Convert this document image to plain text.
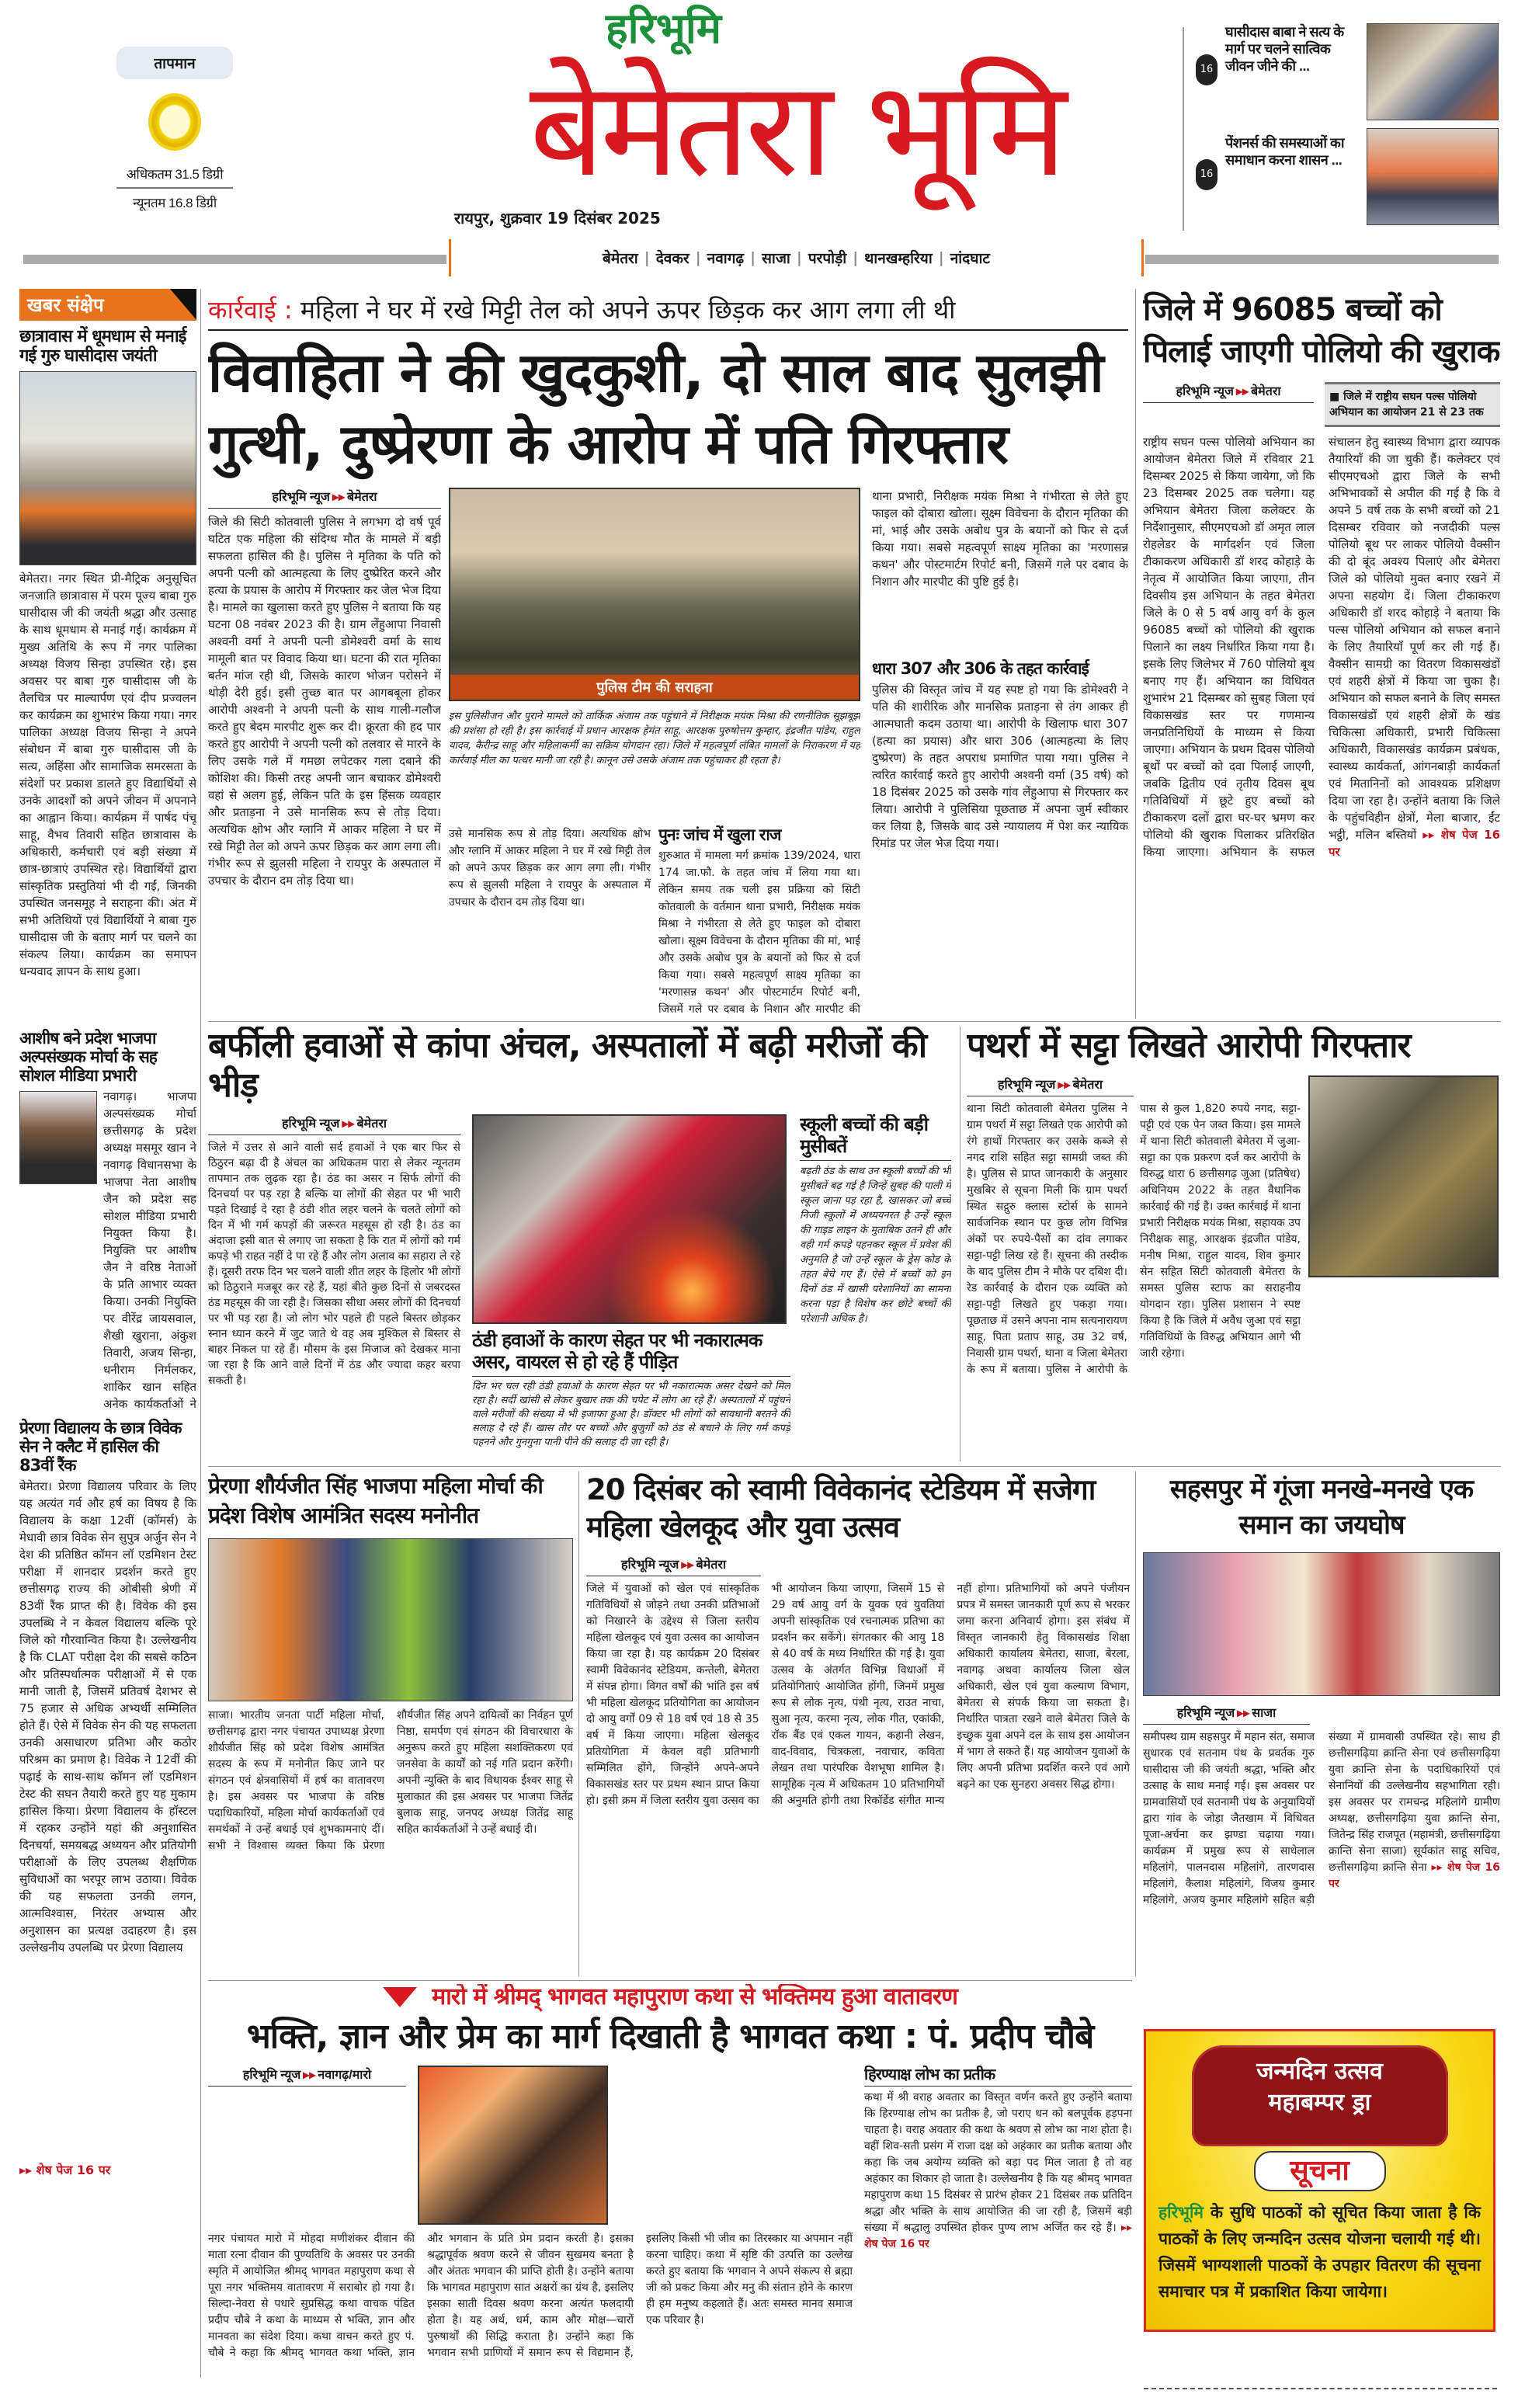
तापमान
अधिकतम 31.5 डिग्री
न्यूनतम 16.8 डिग्री
हरिभूमि
बेमेतरा भूमि
रायपुर, शुक्रवार 19 दिसंबर 2025
बेमेतरा | देवकर | नवागढ़ | साजा | परपोड़ी | थानखम्हरिया | नांदघाट
16
घासीदास बाबा ने सत्य के मार्ग पर चलने सात्विक जीवन जीने की ...
16
पेंशनर्स की समस्याओं का समाधान करना शासन ...
खबर संक्षेप
छात्रावास में धूमधाम से मनाई गई गुरु घासीदास जयंती
बेमेतरा। नगर स्थित प्री-मैट्रिक अनुसूचित जनजाति छात्रावास में परम पूज्य बाबा गुरु घासीदास जी की जयंती श्रद्धा और उत्साह के साथ धूमधाम से मनाई गई। कार्यक्रम में मुख्य अतिथि के रूप में नगर पालिका अध्यक्ष विजय सिन्हा उपस्थित रहे। इस अवसर पर बाबा गुरु घासीदास जी के तैलचित्र पर माल्यार्पण एवं दीप प्रज्वलन कर कार्यक्रम का शुभारंभ किया गया। नगर पालिका अध्यक्ष विजय सिन्हा ने अपने संबोधन में बाबा गुरु घासीदास जी के सत्य, अहिंसा और सामाजिक समरसता के संदेशों पर प्रकाश डालते हुए विद्यार्थियों से उनके आदर्शों को अपने जीवन में अपनाने का आह्वान किया। कार्यक्रम में पार्षद पंचू साहू, वैभव तिवारी सहित छात्रावास के अधिकारी, कर्मचारी एवं बड़ी संख्या में छात्र-छात्राएं उपस्थित रहे। विद्यार्थियों द्वारा सांस्कृतिक प्रस्तुतियां भी दी गईं, जिनकी उपस्थित जनसमूह ने सराहना की। अंत में सभी अतिथियों एवं विद्यार्थियों ने बाबा गुरु घासीदास जी के बताए मार्ग पर चलने का संकल्प लिया। कार्यक्रम का समापन धन्यवाद ज्ञापन के साथ हुआ।
आशीष बने प्रदेश भाजपा अल्पसंख्यक मोर्चा के सह सोशल मीडिया प्रभारी
नवागढ़। भाजपा अल्पसंख्यक मोर्चा छत्तीसगढ़ के प्रदेश अध्यक्ष मसमूर खान ने नवागढ़ विधानसभा के भाजपा नेता आशीष जैन को प्रदेश सह सोशल मीडिया प्रभारी नियुक्त किया है। नियुक्ति पर आशीष जैन ने वरिष्ठ नेताओं के प्रति आभार व्यक्त किया। उनकी नियुक्ति पर वीरेंद्र जायसवाल, शैखी खुराना, अंकुश तिवारी, अजय सिन्हा, धनीराम निर्मलकर, शाकिर खान सहित अनेक कार्यकर्ताओं ने
प्रेरणा विद्यालय के छात्र विवेक सेन ने क्लैट में हासिल की 83वीं रैंक
बेमेतरा। प्रेरणा विद्यालय परिवार के लिए यह अत्यंत गर्व और हर्ष का विषय है कि विद्यालय के कक्षा 12वीं (कॉमर्स) के मेधावी छात्र विवेक सेन सुपुत्र अर्जुन सेन ने देश की प्रतिष्ठित कॉमन लॉ एडमिशन टेस्ट परीक्षा में शानदार प्रदर्शन करते हुए छत्तीसगढ़ राज्य की ओबीसी श्रेणी में 83वीं रैंक प्राप्त की है। विवेक की इस उपलब्धि ने न केवल विद्यालय बल्कि पूरे जिले को गौरवान्वित किया है। उल्लेखनीय है कि CLAT परीक्षा देश की सबसे कठिन और प्रतिस्पर्धात्मक परीक्षाओं में से एक मानी जाती है, जिसमें प्रतिवर्ष देशभर से 75 हजार से अधिक अभ्यर्थी सम्मिलित होते हैं। ऐसे में विवेक सेन की यह सफलता उनकी असाधारण प्रतिभा और कठोर परिश्रम का प्रमाण है। विवेक ने 12वीं की पढ़ाई के साथ-साथ कॉमन लॉ एडमिशन टेस्ट की सघन तैयारी करते हुए यह मुकाम हासिल किया। प्रेरणा विद्यालय के हॉस्टल में रहकर उन्होंने यहां की अनुशासित दिनचर्या, समयबद्ध अध्ययन और प्रतियोगी परीक्षाओं के लिए उपलब्ध शैक्षणिक सुविधाओं का भरपूर लाभ उठाया। विवेक की यह सफलता उनकी लगन, आत्मविश्वास, निरंतर अभ्यास और अनुशासन का प्रत्यक्ष उदाहरण है। इस उल्लेखनीय उपलब्धि पर प्रेरणा विद्यालय
▸▸ शेष पेज 16 पर
कार्रवाई : महिला ने घर में रखे मिट्टी तेल को अपने ऊपर छिड़क कर आग लगा ली थी
विवाहिता ने की खुदकुशी, दो साल बाद सुलझी गुत्थी, दुष्प्रेरणा के आरोप में पति गिरफ्तार
हरिभूमि न्यूज ▸▸ बेमेतरा
जिले की सिटी कोतवाली पुलिस ने लगभग दो वर्ष पूर्व घटित एक महिला की संदिग्ध मौत के मामले में बड़ी सफलता हासिल की है। पुलिस ने मृतिका के पति को अपनी पत्नी को आत्महत्या के लिए दुष्प्रेरित करने और हत्या के प्रयास के आरोप में गिरफ्तार कर जेल भेज दिया है। मामले का खुलासा करते हुए पुलिस ने बताया कि यह घटना 08 नवंबर 2023 की है। ग्राम लेंहुआपा निवासी अश्वनी वर्मा ने अपनी पत्नी डोमेश्वरी वर्मा के साथ मामूली बात पर विवाद किया था। घटना की रात मृतिका बर्तन मांज रही थी, जिसके कारण भोजन परोसने में थोड़ी देरी हुई। इसी तुच्छ बात पर आगबबूला होकर आरोपी अश्वनी ने अपनी पत्नी के साथ गाली-गलौज करते हुए बेदम मारपीट शुरू कर दी। क्रूरता की हद पार करते हुए आरोपी ने अपनी पत्नी को तलवार से मारने के लिए उसके गले में गमछा लपेटकर गला दबाने की कोशिश की। किसी तरह अपनी जान बचाकर डोमेश्वरी वहां से अलग हुई, लेकिन पति के इस हिंसक व्यवहार और प्रताड़ना ने उसे मानसिक रूप से तोड़ दिया। अत्यधिक क्षोभ और ग्लानि में आकर महिला ने घर में रखे मिट्टी तेल को अपने ऊपर छिड़क कर आग लगा ली। गंभीर रूप से झुलसी महिला ने रायपुर के अस्पताल में उपचार के दौरान दम तोड़ दिया था।
पुलिस टीम की सराहना
इस पुलिसीजन और पुराने मामले को तार्किक अंजाम तक पहुंचाने में निरीक्षक मयंक मिश्रा की रणनीतिक सूझबूझ की प्रशंसा हो रही है। इस कार्रवाई में प्रधान आरक्षक हेमंत साहू, आरक्षक पुरुषोत्तम कुम्हार, इंद्रजीत पांडेय, राहुल यादव, कैरीन्द्र साहू और महिलाकर्मी का सक्रिय योगदान रहा। जिले में महत्वपूर्ण लंबित मामलों के निराकरण में यह कार्रवाई मील का पत्थर मानी जा रही है। कानून उसे उसके अंजाम तक पहुंचाकर ही रहता है।
उसे मानसिक रूप से तोड़ दिया। अत्यधिक क्षोभ और ग्लानि में आकर महिला ने घर में रखे मिट्टी तेल को अपने ऊपर छिड़क कर आग लगा ली। गंभीर रूप से झुलसी महिला ने रायपुर के अस्पताल में उपचार के दौरान दम तोड़ दिया था।
पुनः जांच में खुला राज
शुरुआत में मामला मर्ग क्रमांक 139/2024, धारा 174 जा.फौ. के तहत जांच में लिया गया था। लेकिन समय तक चली इस प्रक्रिया को सिटी कोतवाली के वर्तमान थाना प्रभारी, निरीक्षक मयंक मिश्रा ने गंभीरता से लेते हुए फाइल को दोबारा खोला। सूक्ष्म विवेचना के दौरान मृतिका की मां, भाई और उसके अबोध पुत्र के बयानों को फिर से दर्ज किया गया। सबसे महत्वपूर्ण साक्ष्य मृतिका का 'मरणासन्न कथन' और पोस्टमार्टम रिपोर्ट बनी, जिसमें गले पर दबाव के निशान और मारपीट की
थाना प्रभारी, निरीक्षक मयंक मिश्रा ने गंभीरता से लेते हुए फाइल को दोबारा खोला। सूक्ष्म विवेचना के दौरान मृतिका की मां, भाई और उसके अबोध पुत्र के बयानों को फिर से दर्ज किया गया। सबसे महत्वपूर्ण साक्ष्य मृतिका का 'मरणासन्न कथन' और पोस्टमार्टम रिपोर्ट बनी, जिसमें गले पर दबाव के निशान और मारपीट की पुष्टि हुई है।
धारा 307 और 306 के तहत कार्रवाई
पुलिस की विस्तृत जांच में यह स्पष्ट हो गया कि डोमेश्वरी ने पति की शारीरिक और मानसिक प्रताड़ना से तंग आकर ही आत्मघाती कदम उठाया था। आरोपी के खिलाफ धारा 307 (हत्या का प्रयास) और धारा 306 (आत्महत्या के लिए दुष्प्रेरण) के तहत अपराध प्रमाणित पाया गया। पुलिस ने त्वरित कार्रवाई करते हुए आरोपी अश्वनी वर्मा (35 वर्ष) को 18 दिसंबर 2025 को उसके गांव लेंहुआपा से गिरफ्तार कर लिया। आरोपी ने पुलिसिया पूछताछ में अपना जुर्म स्वीकार कर लिया है, जिसके बाद उसे न्यायालय में पेश कर न्यायिक रिमांड पर जेल भेज दिया गया।
जिले में 96085 बच्चों को पिलाई जाएगी पोलियो की खुराक
हरिभूमि न्यूज ▸▸ बेमेतरा	■ जिले में राष्ट्रीय सघन पल्स पोलियो अभियान का आयोजन 21 से 23 तक
राष्ट्रीय सघन पल्स पोलियो अभियान का आयोजन बेमेतरा जिले में रविवार 21 दिसम्बर 2025 से किया जायेगा, जो कि 23 दिसम्बर 2025 तक चलेगा। यह अभियान बेमेतरा जिला कलेक्टर के निर्देशानुसार, सीएमएचओ डॉ अमृत लाल रोहलेडर के मार्गदर्शन एवं जिला टीकाकरण अधिकारी डॉ शरद कोहाड़े के नेतृत्व में आयोजित किया जाएगा, तीन दिवसीय इस अभियान के तहत बेमेतरा जिले के 0 से 5 वर्ष आयु वर्ग के कुल 96085 बच्चों को पोलियो की खुराक पिलाने का लक्ष्य निर्धारित किया गया है। इसके लिए जिलेभर में 760 पोलियो बूथ बनाए गए हैं। अभियान का विधिवत शुभारंभ 21 दिसम्बर को सुबह जिला एवं विकासखंड स्तर पर गणमान्य जनप्रतिनिधियों के माध्यम से किया जाएगा। अभियान के प्रथम दिवस पोलियो बूथों पर बच्चों को दवा पिलाई जाएगी, जबकि द्वितीय एवं तृतीय दिवस बूथ गतिविधियों में छूटे हुए बच्चों को टीकाकरण दलों द्वारा घर-घर भ्रमण कर पोलियो की खुराक पिलाकर प्रतिरक्षित किया जाएगा। अभियान के सफल संचालन हेतु स्वास्थ्य विभाग द्वारा व्यापक तैयारियाँ की जा चुकी हैं। कलेक्टर एवं सीएमएचओ द्वारा जिले के सभी अभिभावकों से अपील की गई है कि वे अपने 5 वर्ष तक के सभी बच्चों को 21 दिसम्बर रविवार को नजदीकी पल्स पोलियो बूथ पर लाकर पोलियो वैक्सीन की दो बूंद अवश्य पिलाएं और बेमेतरा जिले को पोलियो मुक्त बनाए रखने में अपना सहयोग दें। जिला टीकाकरण अधिकारी डॉ शरद कोहाड़े ने बताया कि पल्स पोलियो अभियान को सफल बनाने के लिए तैयारियाँ पूर्ण कर ली गई हैं। वैक्सीन सामग्री का वितरण विकासखंडों एवं शहरी क्षेत्रों में किया जा चुका है। अभियान को सफल बनाने के लिए समस्त विकासखंडों एवं शहरी क्षेत्रों के खंड चिकित्सा अधिकारी, प्रभारी चिकित्सा अधिकारी, विकासखंड कार्यक्रम प्रबंधक, स्वास्थ्य कार्यकर्ता, आंगनबाड़ी कार्यकर्ता एवं मितानिनों को आवश्यक प्रशिक्षण दिया जा रहा है। उन्होंने बताया कि जिले के पहुंचविहीन क्षेत्रों, मेला बाजार, ईंट भट्ठी, मलिन बस्तियों ▸▸ शेष पेज 16 पर
बर्फीली हवाओं से कांपा अंचल, अस्पतालों में बढ़ी मरीजों की भीड़
हरिभूमि न्यूज ▸▸ बेमेतरा
जिले में उत्तर से आने वाली सर्द हवाओं ने एक बार फिर से ठिठुरन बढ़ा दी है अंचल का अधिकतम पारा से लेकर न्यूनतम तापमान तक लुढ़क रहा है। ठंड का असर न सिर्फ लोगों की दिनचर्या पर पड़ रहा है बल्कि या लोगों की सेहत पर भी भारी पड़ते दिखाई दे रहा है ठंडी शीत लहर चलने के चलते लोगों को दिन में भी गर्म कपड़ों की जरूरत महसूस हो रही है। ठंड का अंदाजा इसी बात से लगाए जा सकता है कि रात में लोगों को गर्म कपड़े भी राहत नहीं दे पा रहे हैं और लोग अलाव का सहारा ले रहे हैं। दूसरी तरफ दिन भर चलने वाली शीत लहर के हिलोर भी लोगों को ठिठुराने मजबूर कर रहे हैं, यहां बीते कुछ दिनों से जबरदस्त ठंड महसूस की जा रही है। जिसका सीधा असर लोगों की दिनचर्या पर भी पड़ रहा है। जो लोग भोर पहले ही पहले बिस्तर छोड़कर स्नान ध्यान करने में जुट जाते थे वह अब मुश्किल से बिस्तर से बाहर निकल पा रहे हैं। मौसम के इस मिजाज को देखकर माना जा रहा है कि आने वाले दिनों में ठंड और ज्यादा कहर बरपा सकती है।
ठंडी हवाओं के कारण सेहत पर भी नकारात्मक असर, वायरल से हो रहे हैं पीड़ित
दिन भर चल रही ठंडी हवाओं के कारण सेहत पर भी नकारात्मक असर देखने को मिल रहा है। सर्दी खांसी से लेकर बुखार तक की चपेट में लोग आ रहे हैं। अस्पतालों में पहुंचने वाले मरीजों की संख्या में भी इजाफा हुआ है। डॉक्टर भी लोगों को सावधानी बरतने की सलाह दे रहे हैं। खास तौर पर बच्चों और बुजुर्गों को ठंड से बचाने के लिए गर्म कपड़े पहनने और गुनगुना पानी पीने की सलाह दी जा रही है।
स्कूली बच्चों की बड़ी मुसीबतें
बढ़ती ठंड के साथ उन स्कूली बच्चों की भी मुसीबतें बढ़ गई है जिन्हें सुबह की पाली में स्कूल जाना पड़ रहा है, खासकर जो बच्चे निजी स्कूलों में अध्ययनरत है उन्हें स्कूल की गाइड लाइन के मुताबिक उतने ही और वही गर्म कपड़े पहनकर स्कूल में प्रवेश की अनुमति है जो उन्हें स्कूल के ड्रेस कोड के तहत बेचे गए हैं। ऐसे में बच्चों को इन दिनों ठंड में खासी परेशानियों का सामना करना पड़ा है विशेष कर छोटे बच्चों की परेशानी अधिक है।
पथर्रा में सट्टा लिखते आरोपी गिरफ्तार
हरिभूमि न्यूज ▸▸ बेमेतरा
थाना सिटी कोतवाली बेमेतरा पुलिस ने ग्राम पथर्रा में सट्टा लिखते एक आरोपी को रंगे हाथों गिरफ्तार कर उसके कब्जे से नगद राशि सहित सट्टा सामग्री जब्त की है। पुलिस से प्राप्त जानकारी के अनुसार मुखबिर से सूचना मिली कि ग्राम पथर्रा स्थित सद्गुरु क्लास स्टोर्स के सामने सार्वजनिक स्थान पर कुछ लोग विभिन्न अंकों पर रुपये-पैसों का दांव लगाकर सट्टा-पट्टी लिख रहे हैं। सूचना की तस्दीक के बाद पुलिस टीम ने मौके पर दबिश दी। रेड कार्रवाई के दौरान एक व्यक्ति को सट्टा-पट्टी लिखते हुए पकड़ा गया। पूछताछ में उसने अपना नाम सत्यनारायण साहू, पिता प्रताप साहू, उम्र 32 वर्ष, निवासी ग्राम पथर्रा, थाना व जिला बेमेतरा के रूप में बताया। पुलिस ने आरोपी के पास से कुल 1,820 रुपये नगद, सट्टा-पट्टी एवं एक पेन जब्त किया। इस मामले में थाना सिटी कोतवाली बेमेतरा में जुआ-सट्टा का एक प्रकरण दर्ज कर आरोपी के विरुद्ध धारा 6 छत्तीसगढ़ जुआ (प्रतिषेध) अधिनियम 2022 के तहत वैधानिक कार्रवाई की गई है। उक्त कार्रवाई में थाना प्रभारी निरीक्षक मयंक मिश्रा, सहायक उप निरीक्षक साहू, आरक्षक इंद्रजीत पांडेय, मनीष मिश्रा, राहुल यादव, शिव कुमार सेन सहित सिटी कोतवाली बेमेतरा के समस्त पुलिस स्टाफ का सराहनीय योगदान रहा। पुलिस प्रशासन ने स्पष्ट किया है कि जिले में अवैध जुआ एवं सट्टा गतिविधियों के विरुद्ध अभियान आगे भी जारी रहेगा।
प्रेरणा शौर्यजीत सिंह भाजपा महिला मोर्चा की प्रदेश विशेष आमंत्रित सदस्य मनोनीत
साजा। भारतीय जनता पार्टी महिला मोर्चा, छत्तीसगढ़ द्वारा नगर पंचायत उपाध्यक्ष प्रेरणा शौर्यजीत सिंह को प्रदेश विशेष आमंत्रित सदस्य के रूप में मनोनीत किए जाने पर संगठन एवं क्षेत्रवासियों में हर्ष का वातावरण है। इस अवसर पर भाजपा के वरिष्ठ पदाधिकारियों, महिला मोर्चा कार्यकर्ताओं एवं समर्थकों ने उन्हें बधाई एवं शुभकामनाएं दीं। सभी ने विश्वास व्यक्त किया कि प्रेरणा शौर्यजीत सिंह अपने दायित्वों का निर्वहन पूर्ण निष्ठा, समर्पण एवं संगठन की विचारधारा के अनुरूप करते हुए महिला सशक्तिकरण एवं जनसेवा के कार्यों को नई गति प्रदान करेंगी। अपनी न्युक्ति के बाद विधायक ईश्वर साहू से मुलाकात की इस अवसर पर भाजपा जितेंद्र बुलाक साहू, जनपद अध्यक्ष जितेंद्र साहू सहित कार्यकर्ताओं ने उन्हें बधाई दी।
20 दिसंबर को स्वामी विवेकानंद स्टेडियम में सजेगा महिला खेलकूद और युवा उत्सव
हरिभूमि न्यूज ▸▸ बेमेतरा
जिले में युवाओं को खेल एवं सांस्कृतिक गतिविधियों से जोड़ने तथा उनकी प्रतिभाओं को निखारने के उद्देश्य से जिला स्तरीय महिला खेलकूद एवं युवा उत्सव का आयोजन किया जा रहा है। यह कार्यक्रम 20 दिसंबर स्वामी विवेकानंद स्टेडियम, कन्तेली, बेमेतरा में संपन्न होगा। विगत वर्षों की भांति इस वर्ष भी महिला खेलकूद प्रतियोगिता का आयोजन दो आयु वर्गों 09 से 18 वर्ष एवं 18 से 35 वर्ष में किया जाएगा। महिला खेलकूद प्रतियोगिता में केवल वही प्रतिभागी सम्मिलित होंगे, जिन्होंने अपने-अपने विकासखंड स्तर पर प्रथम स्थान प्राप्त किया हो। इसी क्रम में जिला स्तरीय युवा उत्सव का भी आयोजन किया जाएगा, जिसमें 15 से 29 वर्ष आयु वर्ग के युवक एवं युवतियां अपनी सांस्कृतिक एवं रचनात्मक प्रतिभा का प्रदर्शन कर सकेंगे। संगतकार की आयु 18 से 40 वर्ष के मध्य निर्धारित की गई है। युवा उत्सव के अंतर्गत विभिन्न विधाओं में प्रतियोगिताएं आयोजित होंगी, जिनमें प्रमुख रूप से लोक नृत्य, पंथी नृत्य, राउत नाचा, सुआ नृत्य, करमा नृत्य, लोक गीत, एकांकी, रॉक बैंड एवं एकल गायन, कहानी लेखन, वाद-विवाद, चित्रकला, नवाचार, कविता लेखन तथा पारंपरिक वेशभूषा शामिल है। सामूहिक नृत्य में अधिकतम 10 प्रतिभागियों की अनुमति होगी तथा रिकॉर्डेड संगीत मान्य नहीं होगा। प्रतिभागियों को अपने पंजीयन प्रपत्र में समस्त जानकारी पूर्ण रूप से भरकर जमा करना अनिवार्य होगा। इस संबंध में विस्तृत जानकारी हेतु विकासखंड शिक्षा अधिकारी कार्यालय बेमेतरा, साजा, बेरला, नवागढ़ अथवा कार्यालय जिला खेल अधिकारी, खेल एवं युवा कल्याण विभाग, बेमेतरा से संपर्क किया जा सकता है। निर्धारित पात्रता रखने वाले बेमेतरा जिले के इच्छुक युवा अपने दल के साथ इस आयोजन में भाग ले सकते हैं। यह आयोजन युवाओं के लिए अपनी प्रतिभा प्रदर्शित करने एवं आगे बढ़ने का एक सुनहरा अवसर सिद्ध होगा।
सहसपुर में गूंजा मनखे-मनखे एक समान का जयघोष
हरिभूमि न्यूज ▸▸ साजा
समीपस्थ ग्राम सहसपुर में महान संत, समाज सुधारक एवं सतनाम पंथ के प्रवर्तक गुरु घासीदास जी की जयंती श्रद्धा, भक्ति और उत्साह के साथ मनाई गई। इस अवसर पर ग्रामवासियों एवं सतनामी पंथ के अनुयायियों द्वारा गांव के जोड़ा जैतखाम में विधिवत पूजा-अर्चना कर झण्डा चढ़ाया गया। कार्यक्रम में प्रमुख रूप से साधेलाल महिलांगे, पालनदास महिलांगे, तारणदास महिलांगे, कैलाश महिलांगे, विजय कुमार महिलांगे, अजय कुमार महिलांगे सहित बड़ी संख्या में ग्रामवासी उपस्थित रहे। साथ ही छत्तीसगढ़िया क्रान्ति सेना एवं छत्तीसगढ़िया युवा क्रान्ति सेना के पदाधिकारियों एवं सेनानियों की उल्लेखनीय सहभागिता रही। इस अवसर पर रामचन्द्र महिलांगे ग्रामीण अध्यक्ष, छत्तीसगढ़िया युवा क्रान्ति सेना, जितेन्द्र सिंह राजपूत (महामंत्री, छत्तीसगढ़िया क्रान्ति सेना साजा) सूर्यकांत साहू सचिव, छत्तीसगढ़िया क्रान्ति सेना ▸▸ शेष पेज 16 पर
मारो में श्रीमद् भागवत महापुराण कथा से भक्तिमय हुआ वातावरण
भक्ति, ज्ञान और प्रेम का मार्ग दिखाती है भागवत कथा : पं. प्रदीप चौबे
हरिभूमि न्यूज ▸▸ नवागढ़/मारो
नगर पंचायत मारो में मोहदा मणीशंकर दीवान की माता रत्ना दीवान की पुण्यतिथि के अवसर पर उनकी स्मृति में आयोजित श्रीमद् भागवत महापुराण कथा से पूरा नगर भक्तिमय वातावरण में सराबोर हो गया है। सिल्दा-नेवरा से पधारे सुप्रसिद्ध कथा वाचक पंडित प्रदीप चौबे ने कथा के माध्यम से भक्ति, ज्ञान और मानवता का संदेश दिया। कथा वाचन करते हुए पं. चौबे ने कहा कि श्रीमद् भागवत कथा भक्ति, ज्ञान और भगवान के प्रति प्रेम प्रदान करती है। इसका श्रद्धापूर्वक श्रवण करने से जीवन सुखमय बनता है और अंततः भगवान की प्राप्ति होती है। उन्होंने बताया कि भागवत महापुराण सात अक्षरों का ग्रंथ है, इसलिए इसका साती दिवस श्रवण करना अत्यंत फलदायी होता है। यह अर्थ, धर्म, काम और मोक्ष—चारों पुरुषार्थों की सिद्धि कराता है। उन्होंने कहा कि भगवान सभी प्राणियों में समान रूप से विद्यमान हैं, इसलिए किसी भी जीव का तिरस्कार या अपमान नहीं करना चाहिए। कथा में सृष्टि की उत्पत्ति का उल्लेख करते हुए बताया कि भगवान ने अपने संकल्प से ब्रह्मा जी को प्रकट किया और मनु की संतान होने के कारण ही हम मनुष्य कहलाते हैं। अतः समस्त मानव समाज एक परिवार है।
हिरण्याक्ष लोभ का प्रतीक
कथा में श्री वराह अवतार का विस्तृत वर्णन करते हुए उन्होंने बताया कि हिरण्याक्ष लोभ का प्रतीक है, जो पराए धन को बलपूर्वक हड़पना चाहता है। वराह अवतार की कथा के श्रवण से लोभ का नाश होता है। वहीं शिव-सती प्रसंग में राजा दक्ष को अहंकार का प्रतीक बताया और कहा कि जब अयोग्य व्यक्ति को बड़ा पद मिल जाता है तो वह अहंकार का शिकार हो जाता है। उल्लेखनीय है कि यह श्रीमद् भागवत महापुराण कथा 15 दिसंबर से प्रारंभ होकर 21 दिसंबर तक प्रतिदिन श्रद्धा और भक्ति के साथ आयोजित की जा रही है, जिसमें बड़ी संख्या में श्रद्धालु उपस्थित होकर पुण्य लाभ अर्जित कर रहे हैं। ▸▸ शेष पेज 16 पर
जन्मदिन उत्सव
महाबम्पर ड्रा
सूचना
हरिभूमि के सुधि पाठकों को सूचित किया जाता है कि पाठकों के लिए जन्मदिन उत्सव योजना चलायी गई थी। जिसमें भाग्यशाली पाठकों के उपहार वितरण की सूचना समाचार पत्र में प्रकाशित किया जायेगा।
